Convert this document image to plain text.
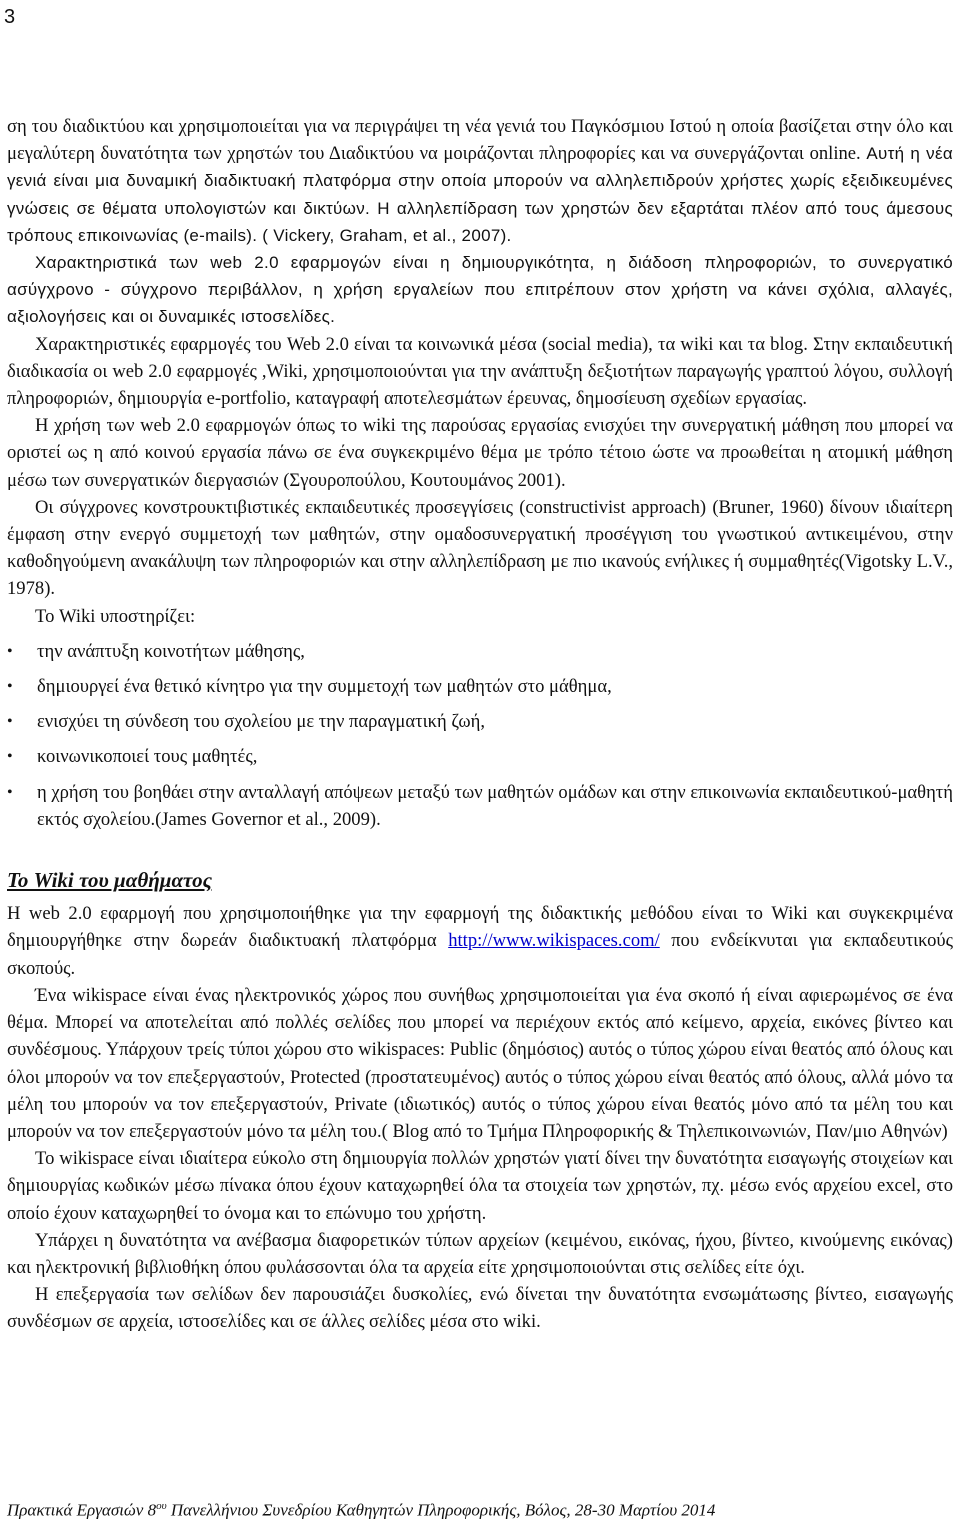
3

ση του διαδικτύου και χρησιμοποιείται για να περιγράψει τη νέα γενιά του Παγκόσμιου Ιστού η οποία βασίζεται στην όλο και μεγαλύτερη δυνατότητα των χρηστών του Διαδικτύου να μοιράζονται πληροφορίες και να συνεργάζονται online. Αυτή η νέα γενιά είναι μια δυναμική διαδικτυακή πλατφόρμα στην οποία μπορούν να αλληλεπιδρούν χρήστες χωρίς εξειδικευμένες γνώσεις σε θέματα υπολογιστών και δικτύων. Η αλληλεπίδραση των χρηστών δεν εξαρτάται πλέον από τους άμεσους τρόπους επικοινωνίας (e-mails). ( Vickery, Graham, et al., 2007).

Χαρακτηριστικά των web 2.0 εφαρμογών είναι η δημιουργικότητα, η διάδοση πληροφοριών, το συνεργατικό ασύγχρονο - σύγχρονο περιβάλλον, η χρήση εργαλείων που επιτρέπουν στον χρήστη να κάνει σχόλια, αλλαγές, αξιολογήσεις και οι δυναμικές ιστοσελίδες.

Χαρακτηριστικές εφαρμογές του Web 2.0 είναι τα κοινωνικά μέσα (social media), τα wiki και τα blog. Στην εκπαιδευτική διαδικασία οι web 2.0 εφαρμογές ,Wiki, χρησιμοποιούνται για την ανάπτυξη δεξιοτήτων παραγωγής γραπτού λόγου, συλλογή πληροφοριών, δημιουργία e-portfolio, καταγραφή αποτελεσμάτων έρευνας, δημοσίευση σχεδίων εργασίας.

Η χρήση των web 2.0 εφαρμογών όπως το wiki της παρούσας εργασίας ενισχύει την συνεργατική μάθηση που μπορεί να οριστεί ως η από κοινού εργασία πάνω σε ένα συγκεκριμένο θέμα με τρόπο τέτοιο ώστε να προωθείται η ατομική μάθηση μέσω των συνεργατικών διεργασιών (Σγουροπούλου, Κουτουμάνος 2001).

Οι σύγχρονες κονστρουκτιβιστικές εκπαιδευτικές προσεγγίσεις (constructivist approach) (Bruner, 1960) δίνουν ιδιαίτερη έμφαση στην ενεργό συμμετοχή των μαθητών, στην ομαδοσυνεργατική προσέγγιση του γνωστικού αντικειμένου, στην καθοδηγούμενη ανακάλυψη των πληροφοριών και στην αλληλεπίδραση με πιο ικανούς ενήλικες ή συμμαθητές(Vigotsky L.V., 1978).

Το Wiki υποστηρίζει:

• την ανάπτυξη κοινοτήτων μάθησης,
• δημιουργεί ένα θετικό κίνητρο για την συμμετοχή των μαθητών στο μάθημα,
• ενισχύει τη σύνδεση του σχολείου με την παραγματική ζωή,
• κοινωνικοποιεί τους μαθητές,
• η χρήση του βοηθάει στην ανταλλαγή απόψεων μεταξύ των μαθητών ομάδων και στην επικοινωνία εκπαιδευτικού-μαθητή εκτός σχολείου.(James Governor et al., 2009).

Το Wiki του μαθήματος

Η web 2.0 εφαρμογή που χρησιμοποιήθηκε για την εφαρμογή της διδακτικής μεθόδου είναι το Wiki και συγκεκριμένα δημιουργήθηκε στην δωρεάν διαδικτυακή πλατφόρμα http://www.wikispaces.com/ που ενδείκνυται για εκπαδευτικούς σκοπούς.

Ένα wikispace είναι ένας ηλεκτρονικός χώρος που συνήθως χρησιμοποιείται για ένα σκοπό ή είναι αφιερωμένος σε ένα θέμα. Μπορεί να αποτελείται από πολλές σελίδες που μπορεί να περιέχουν εκτός από κείμενο, αρχεία, εικόνες βίντεο και συνδέσμους. Υπάρχουν τρείς τύποι χώρου στο wikispaces: Public (δημόσιος) αυτός ο τύπος χώρου είναι θεατός από όλους και όλοι μπορούν να τον επεξεργαστούν, Protected (προστατευμένος) αυτός ο τύπος χώρου είναι θεατός από όλους, αλλά μόνο τα μέλη του μπορούν να τον επεξεργαστούν, Private (ιδιωτικός) αυτός ο τύπος χώρου είναι θεατός μόνο από τα μέλη του και μπορούν να τον επεξεργαστούν μόνο τα μέλη του.( Blog από το Τμήμα Πληροφορικής & Τηλεπικοινωνιών, Παν/μιο Αθηνών)

Το wikispace είναι ιδιαίτερα εύκολο στη δημιουργία πολλών χρηστών γιατί δίνει την δυνατότητα εισαγωγής στοιχείων και δημιουργίας κωδικών μέσω πίνακα όπου έχουν καταχωρηθεί όλα τα στοιχεία των χρηστών, πχ. μέσω ενός αρχείου excel, στο οποίο έχουν καταχωρηθεί το όνομα και το επώνυμο του χρήστη.

Υπάρχει η δυνατότητα να ανέβασμα διαφορετικών τύπων αρχείων (κειμένου, εικόνας, ήχου, βίντεο, κινούμενης εικόνας) και ηλεκτρονική βιβλιοθήκη όπου φυλάσσονται όλα τα αρχεία είτε χρησιμοποιούνται στις σελίδες είτε όχι.

Η επεξεργασία των σελίδων δεν παρουσιάζει δυσκολίες, ενώ δίνεται την δυνατότητα ενσωμάτωσης βίντεο, εισαγωγής συνδέσμων σε αρχεία, ιστοσελίδες και σε άλλες σελίδες μέσα στο wiki.

Πρακτικά Εργασιών $8^{o\upsilon}$ Πανελλήνιου Συνεδρίου Καθηγητών Πληροφορικής, Βόλος, 28-30 Μαρτίου 2014
